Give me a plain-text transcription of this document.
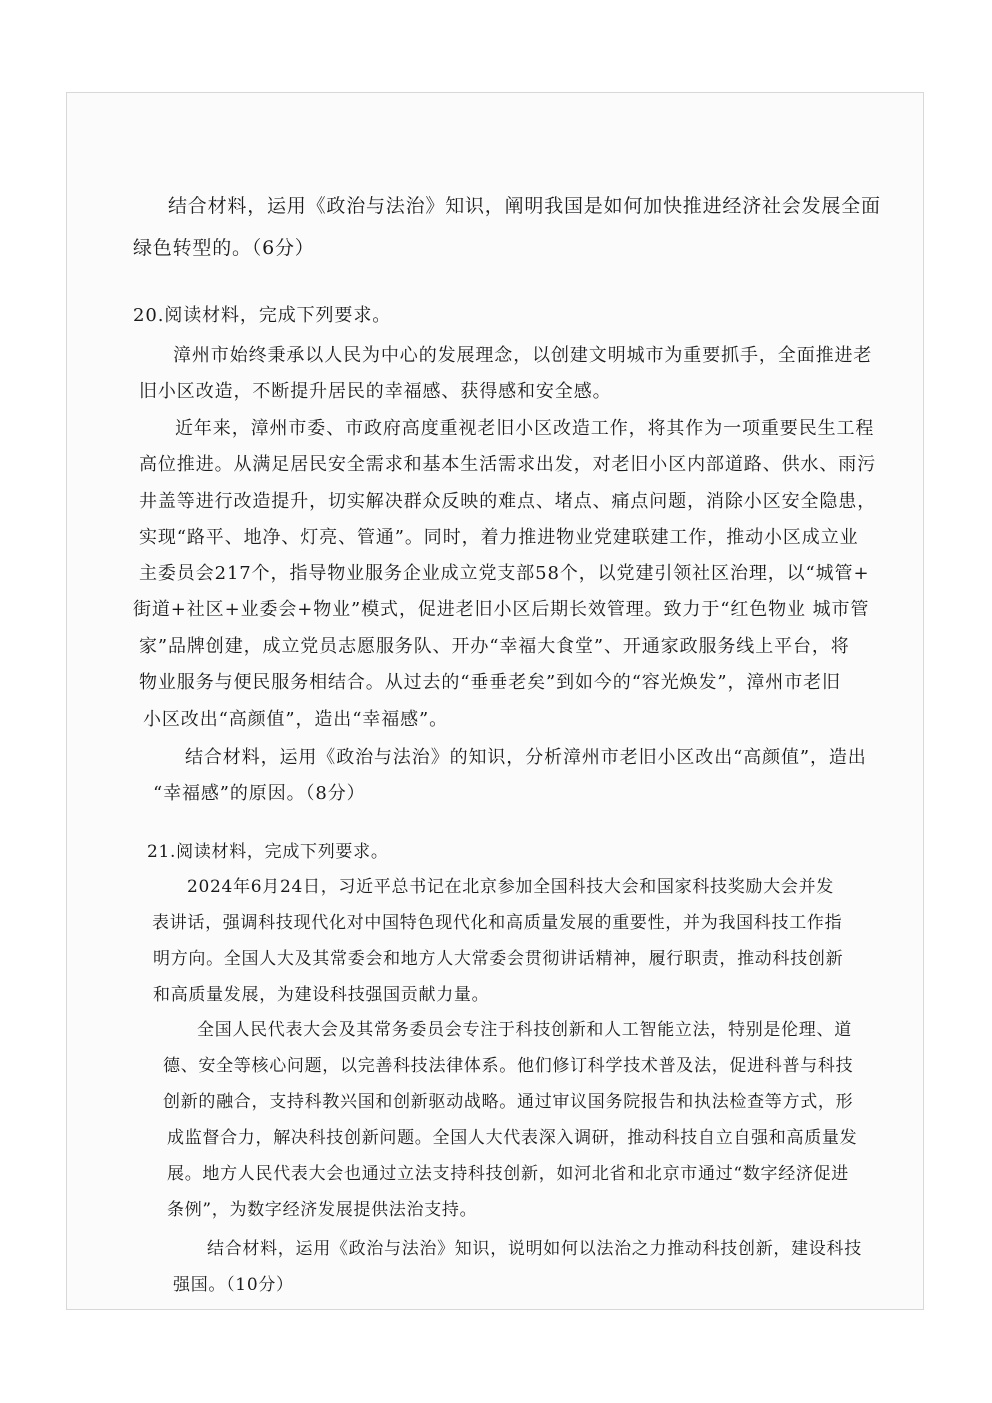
结合材料，运用《政治与法治》知识，阐明我国是如何加快推进经济社会发展全面

绿色转型的。（6分）

20.阅读材料，完成下列要求。

漳州市始终秉承以人民为中心的发展理念，以创建文明城市为重要抓手，全面推进老

旧小区改造，不断提升居民的幸福感、获得感和安全感。

近年来，漳州市委、市政府高度重视老旧小区改造工作，将其作为一项重要民生工程

高位推进。从满足居民安全需求和基本生活需求出发，对老旧小区内部道路、供水、雨污

井盖等进行改造提升，切实解决群众反映的难点、堵点、痛点问题，消除小区安全隐患，

实现“路平、地净、灯亮、管通”。同时，着力推进物业党建联建工作，推动小区成立业

主委员会217个，指导物业服务企业成立党支部58个，以党建引领社区治理，以“城管+

街道+社区+业委会+物业”模式，促进老旧小区后期长效管理。致力于“红色物业 城市管

家”品牌创建，成立党员志愿服务队、开办“幸福大食堂”、开通家政服务线上平台，将

物业服务与便民服务相结合。从过去的“垂垂老矣”到如今的“容光焕发”，漳州市老旧

小区改出“高颜值”，造出“幸福感”。

结合材料，运用《政治与法治》的知识，分析漳州市老旧小区改出“高颜值”，造出

“幸福感”的原因。（8分）

21.阅读材料，完成下列要求。

2024年6月24日，习近平总书记在北京参加全国科技大会和国家科技奖励大会并发

表讲话，强调科技现代化对中国特色现代化和高质量发展的重要性，并为我国科技工作指

明方向。全国人大及其常委会和地方人大常委会贯彻讲话精神，履行职责，推动科技创新

和高质量发展，为建设科技强国贡献力量。

全国人民代表大会及其常务委员会专注于科技创新和人工智能立法，特别是伦理、道

德、安全等核心问题，以完善科技法律体系。他们修订科学技术普及法，促进科普与科技

创新的融合，支持科教兴国和创新驱动战略。通过审议国务院报告和执法检查等方式，形

成监督合力，解决科技创新问题。全国人大代表深入调研，推动科技自立自强和高质量发

展。地方人民代表大会也通过立法支持科技创新，如河北省和北京市通过“数字经济促进

条例”，为数字经济发展提供法治支持。

结合材料，运用《政治与法治》知识，说明如何以法治之力推动科技创新，建设科技

强国。（10分）
